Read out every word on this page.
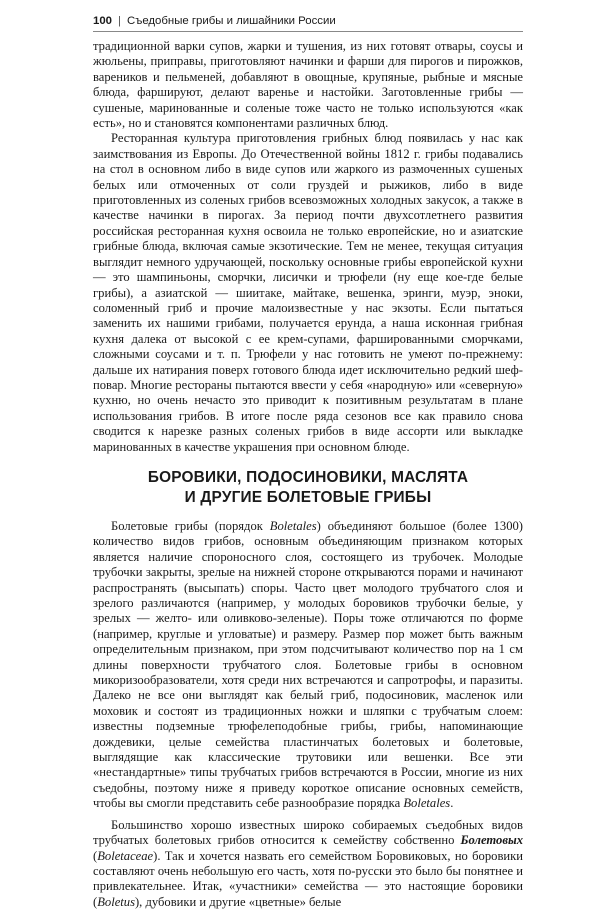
100 | Съедобные грибы и лишайники России

традиционной варки супов, жарки и тушения, из них готовят отвары, соусы и жюльены, приправы, приготовляют начинки и фарши для пирогов и пирожков, вареников и пельменей, добавляют в овощные, крупяные, рыбные и мясные блюда, фаршируют, делают варенье и настойки. Заготовленные грибы — сушеные, маринованные и соленые тоже часто не только используются «как есть», но и становятся компонентами различных блюд.

Ресторанная культура приготовления грибных блюд появилась у нас как заимствования из Европы. До Отечественной войны 1812 г. грибы подавались на стол в основном либо в виде супов или жаркого из размоченных сушеных белых или отмоченных от соли груздей и рыжиков, либо в виде приготовленных из соленых грибов всевозможных холодных закусок, а также в качестве начинки в пирогах. За период почти двухсотлетнего развития российская ресторанная кухня освоила не только европейские, но и азиатские грибные блюда, включая самые экзотические. Тем не менее, текущая ситуация выглядит немного удручающей, поскольку основные грибы европейской кухни — это шампиньоны, сморчки, лисички и трюфели (ну еще кое-где белые грибы), а азиатской — шиитаке, майтаке, вешенка, эринги, муэр, эноки, соломенный гриб и прочие малоизвестные у нас экзоты. Если пытаться заменить их нашими грибами, получается ерунда, а наша исконная грибная кухня далека от высокой с ее крем-супами, фаршированными сморчками, сложными соусами и т. п. Трюфели у нас готовить не умеют по-прежнему: дальше их натирания поверх готового блюда идет исключительно редкий шеф-повар. Многие рестораны пытаются ввести у себя «народную» или «северную» кухню, но очень нечасто это приводит к позитивным результатам в плане использования грибов. В итоге после ряда сезонов все как правило снова сводится к нарезке разных соленых грибов в виде ассорти или выкладке маринованных в качестве украшения при основном блюде.

БОРОВИКИ, ПОДОСИНОВИКИ, МАСЛЯТА
И ДРУГИЕ БОЛЕТОВЫЕ ГРИБЫ

Болетовые грибы (порядок Boletales) объединяют большое (более 1300) количество видов грибов, основным объединяющим признаком которых является наличие спороносного слоя, состоящего из трубочек. Молодые трубочки закрыты, зрелые на нижней стороне открываются порами и начинают распространять (высыпать) споры. Часто цвет молодого трубчатого слоя и зрелого различаются (например, у молодых боровиков трубочки белые, у зрелых — желто- или оливково-зеленые). Поры тоже отличаются по форме (например, круглые и угловатые) и размеру. Размер пор может быть важным определительным признаком, при этом подсчитывают количество пор на 1 см длины поверхности трубчатого слоя. Болетовые грибы в основном микоризообразователи, хотя среди них встречаются и сапротрофы, и паразиты. Далеко не все они выглядят как белый гриб, подосиновик, масленок или моховик и состоят из традиционных ножки и шляпки с трубчатым слоем: известны подземные трюфелеподобные грибы, грибы, напоминающие дождевики, целые семейства пластинчатых болетовых и болетовые, выглядящие как классические трутовики или вешенки. Все эти «нестандартные» типы трубчатых грибов встречаются в России, многие из них съедобны, поэтому ниже я приведу короткое описание основных семейств, чтобы вы смогли представить себе разнообразие порядка Boletales.

Большинство хорошо известных широко собираемых съедобных видов трубчатых болетовых грибов относится к семейству собственно Болетовых (Boletaceae). Так и хочется назвать его семейством Боровиковых, но боровики составляют очень небольшую его часть, хотя по-русски это было бы понятнее и привлекательнее. Итак, «участники» семейства — это настоящие боровики (Boletus), дубовики и другие «цветные» белые
